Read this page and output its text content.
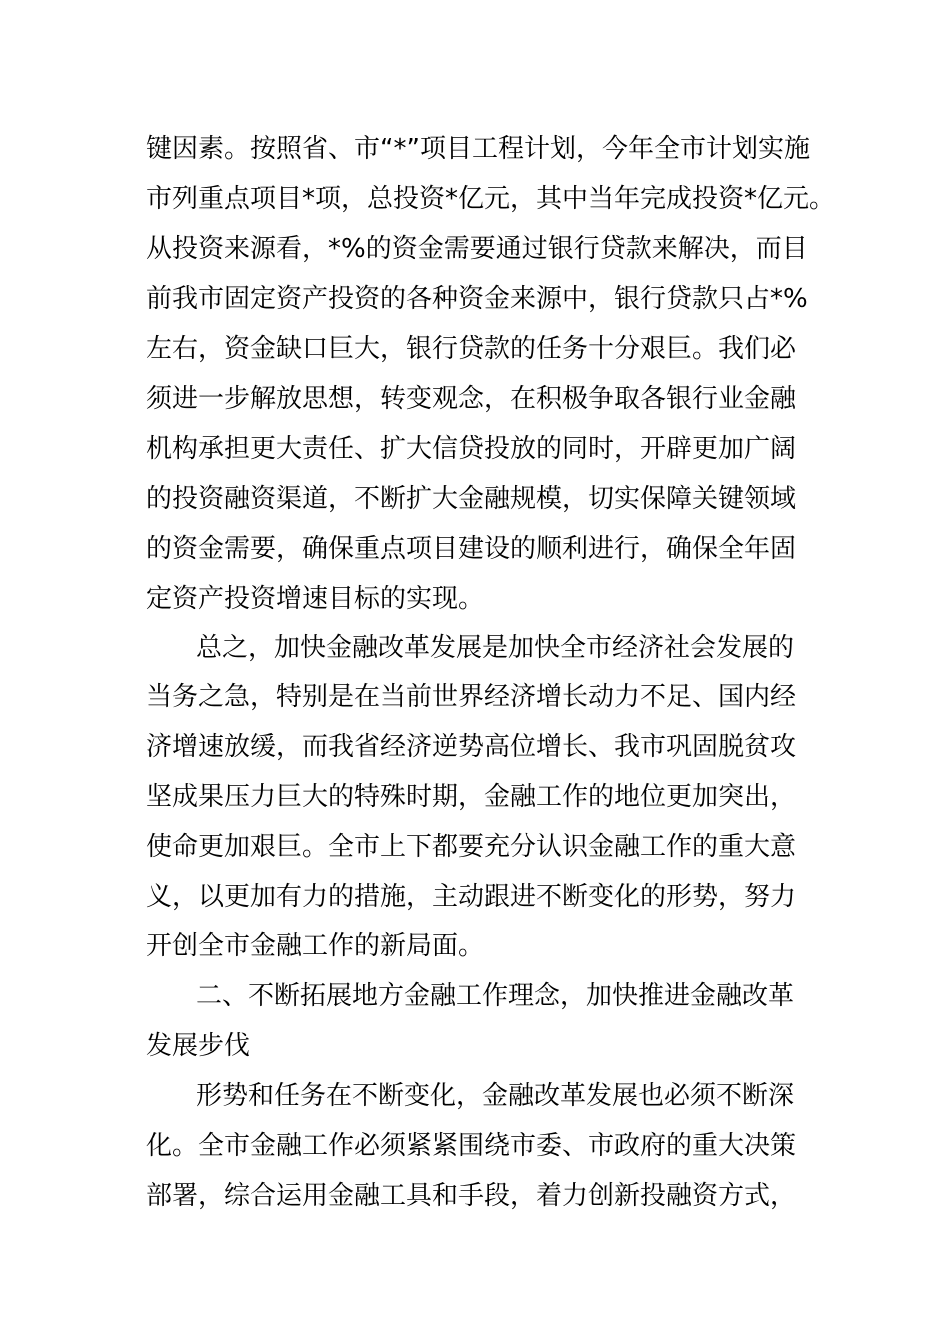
键因素。按照省、市“*”项目工程计划，今年全市计划实施
市列重点项目*项，总投资*亿元，其中当年完成投资*亿元。
从投资来源看，*%的资金需要通过银行贷款来解决，而目
前我市固定资产投资的各种资金来源中，银行贷款只占*%
左右，资金缺口巨大，银行贷款的任务十分艰巨。我们必
须进一步解放思想，转变观念，在积极争取各银行业金融
机构承担更大责任、扩大信贷投放的同时，开辟更加广阔
的投资融资渠道，不断扩大金融规模，切实保障关键领域
的资金需要，确保重点项目建设的顺利进行，确保全年固
定资产投资增速目标的实现。
总之，加快金融改革发展是加快全市经济社会发展的
当务之急，特别是在当前世界经济增长动力不足、国内经
济增速放缓，而我省经济逆势高位增长、我市巩固脱贫攻
坚成果压力巨大的特殊时期，金融工作的地位更加突出，
使命更加艰巨。全市上下都要充分认识金融工作的重大意
义，以更加有力的措施，主动跟进不断变化的形势，努力
开创全市金融工作的新局面。
二、不断拓展地方金融工作理念，加快推进金融改革
发展步伐
形势和任务在不断变化，金融改革发展也必须不断深
化。全市金融工作必须紧紧围绕市委、市政府的重大决策
部署，综合运用金融工具和手段，着力创新投融资方式，
